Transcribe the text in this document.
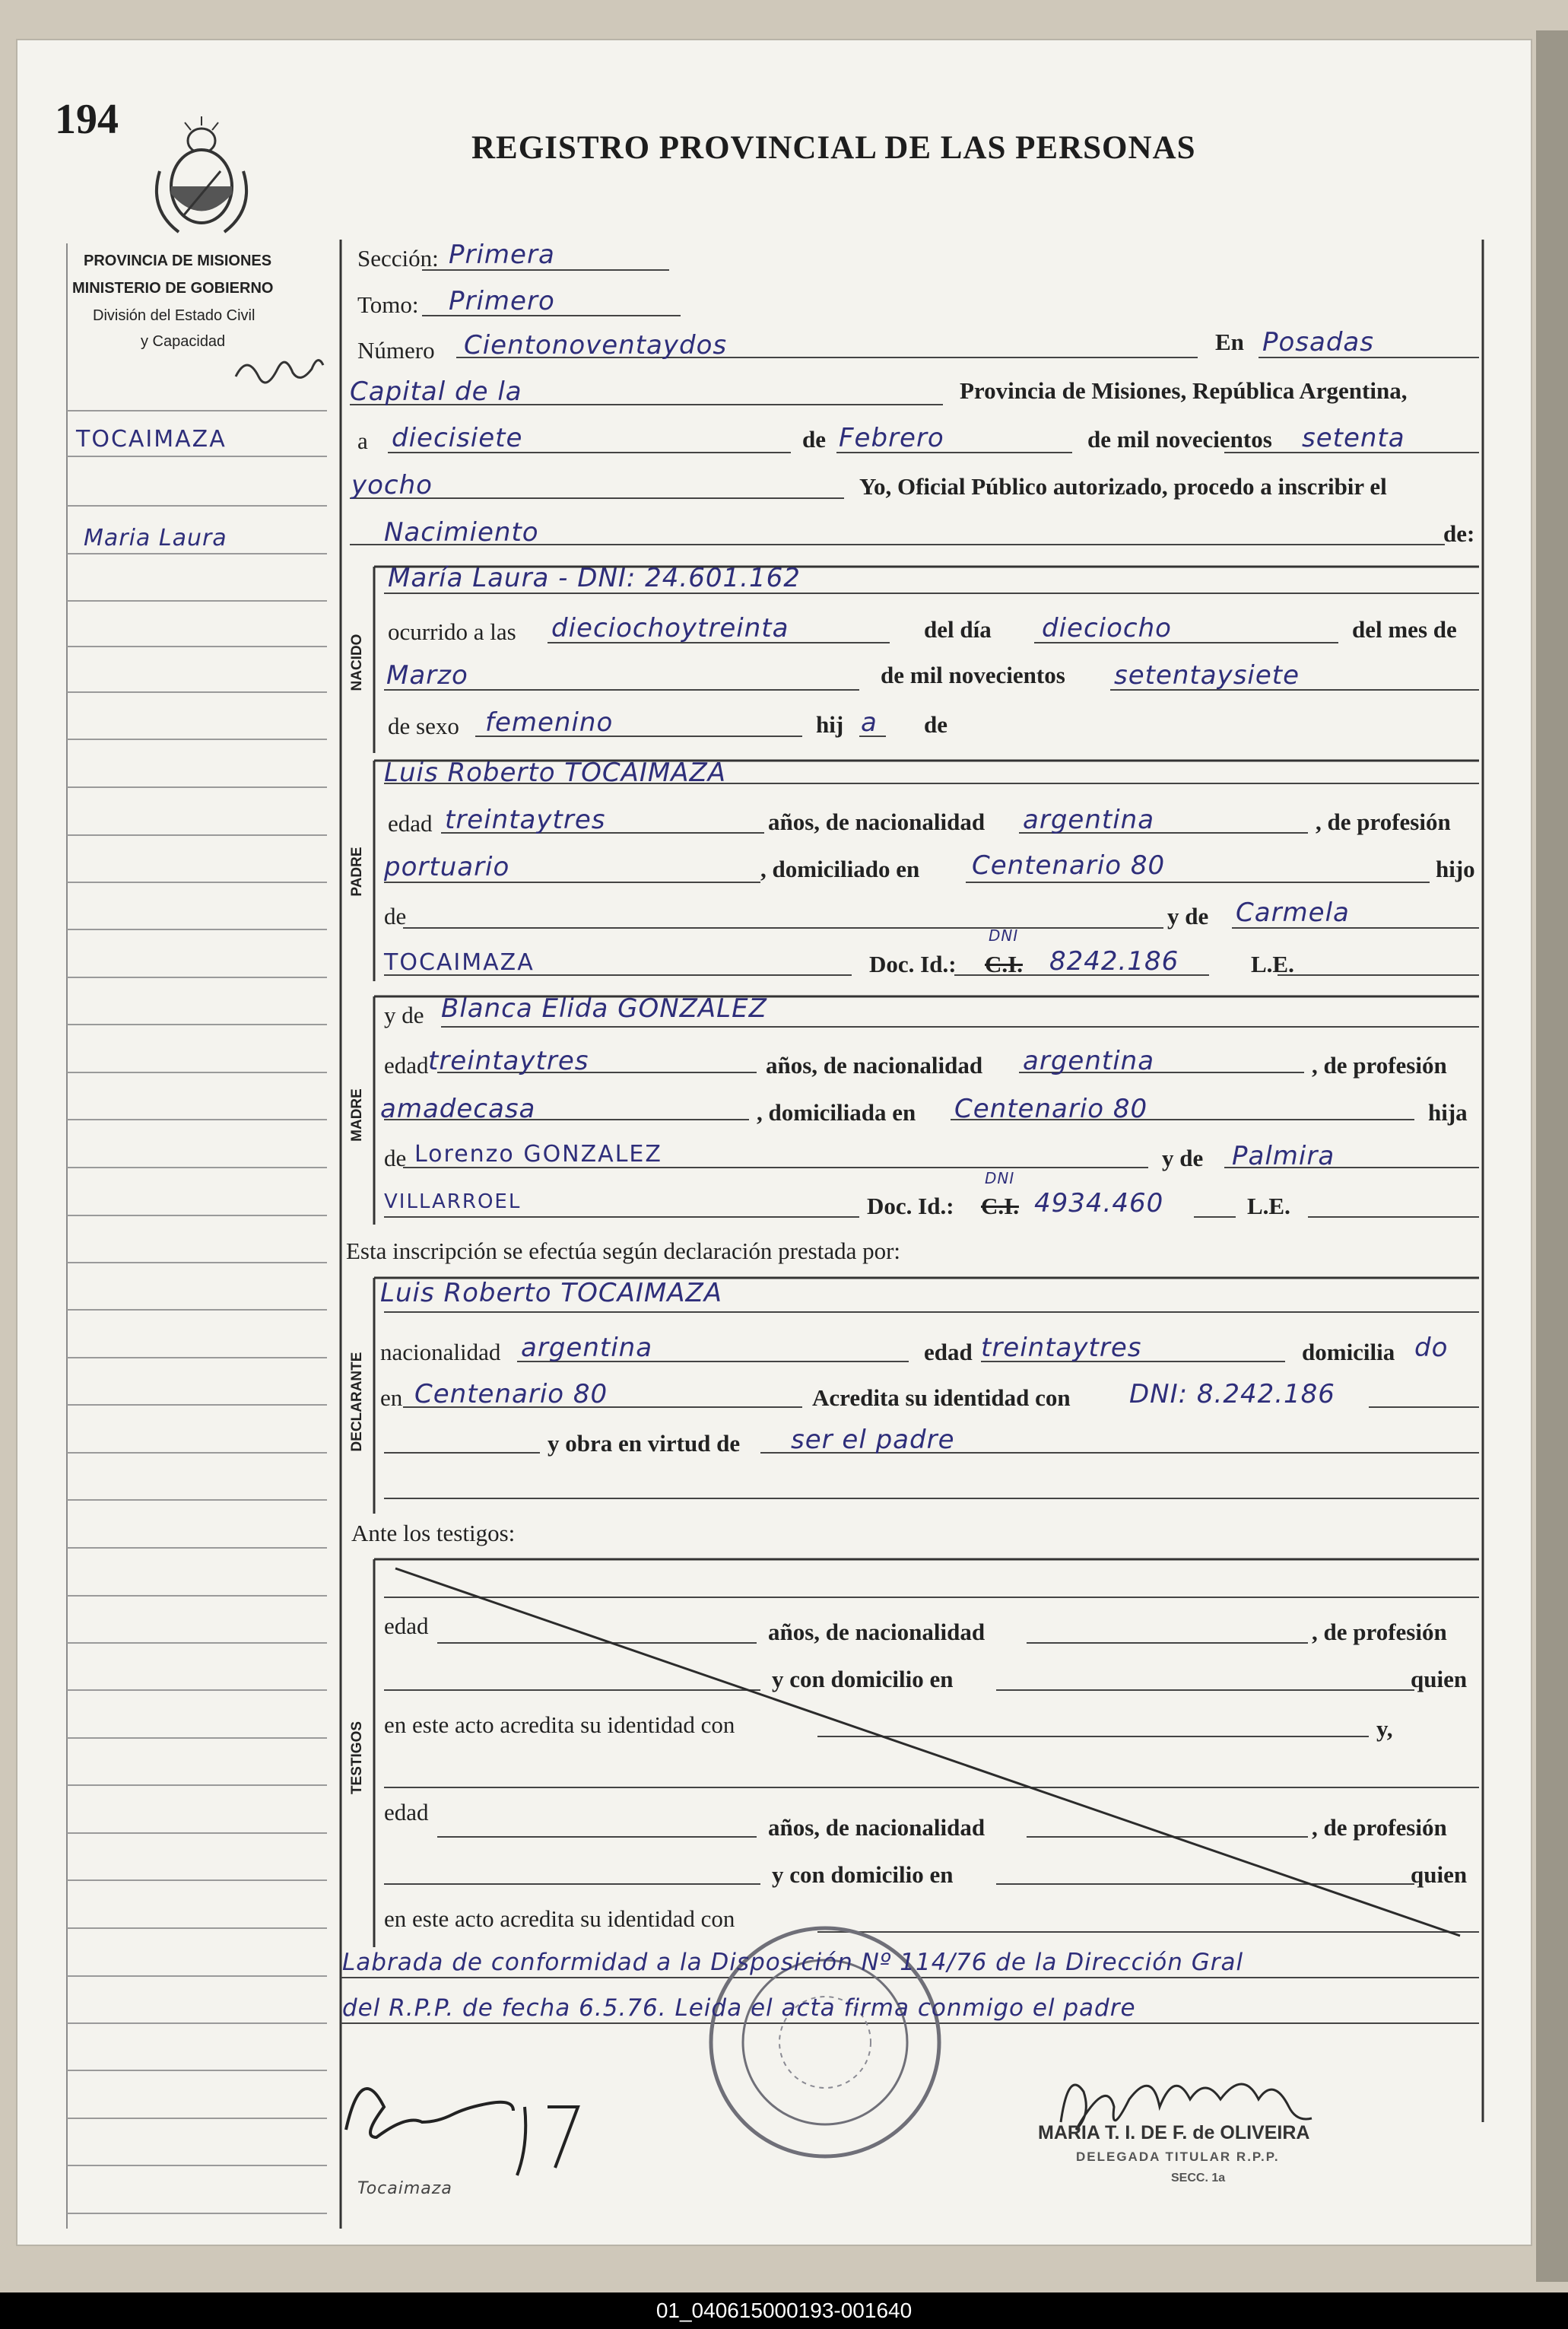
194
REGISTRO PROVINCIAL DE LAS PERSONAS
PROVINCIA DE MISIONES
MINISTERIO DE GOBIERNO
División del Estado Civil
y Capacidad
TOCAIMAZA
Maria Laura
Sección: Primera
Tomo: Primero
Número Cientonoventaydos	En Posadas
Capital de la	Provincia de Misiones, República Argentina,
a diecisiete	de Febrero	de mil novecientos setenta
yocho	Yo, Oficial Público autorizado, procedo a inscribir el
Nacimiento	de:
NACIDO
María Laura - DNI: 24.601.162
ocurrido a las dieciochoytreinta	del día dieciocho	del mes de
Marzo	de mil novecientos setentaysiete
de sexo femenino	hij a de
PADRE
Luis Roberto TOCAIMAZA
edad treintaytres	años, de nacionalidad argentina	, de profesión
portuario	, domiciliado en Centenario 80	hijo
de	y de Carmela
TOCAIMAZA	Doc. Id.: C.I.
DNI
8242.186	L.E.
MADRE
y de Blanca Elida GONZALEZ
edad treintaytres	años, de nacionalidad argentina	, de profesión
amadecasa	, domiciliada en Centenario 80	hija
de Lorenzo GONZALEZ	y de Palmira
VILLARROEL	Doc. Id.: C.I.
DNI
4934.460	L.E.
Esta inscripción se efectúa según declaración prestada por:
DECLARANTE
Luis Roberto TOCAIMAZA
nacionalidad argentina	edad treintaytres	domicilia do
en Centenario 80	Acredita su identidad con DNI: 8.242.186
y obra en virtud de ser el padre
Ante los testigos:
TESTIGOS
edad	años, de nacionalidad	, de profesión
y con domicilio en	quien
en este acto acredita su identidad con	y,
edad
años, de nacionalidad	, de profesión
y con domicilio en	quien
en este acto acredita su identidad con
Labrada de conformidad a la Disposición Nº 114/76 de la Dirección Gral
del R.P.P. de fecha 6.5.76. Leida el acta firma conmigo el padre
Tocaimaza
MARIA T. I. DE F. de OLIVEIRA
DELEGADA TITULAR R.P.P.
SECC. 1a
01_040615000193-001640
